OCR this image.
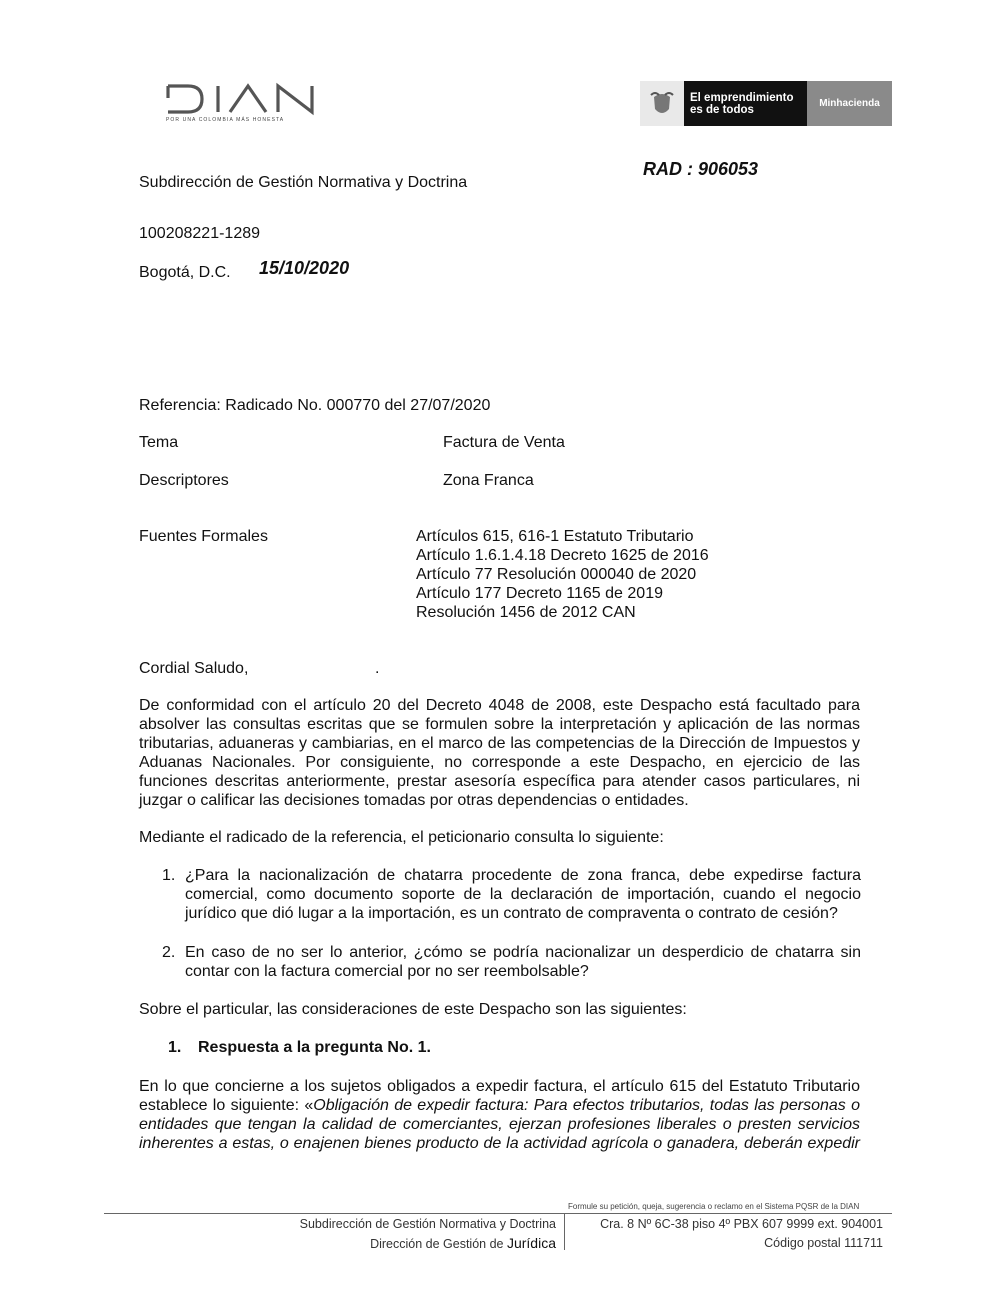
POR UNA COLOMBIA MÁS HONESTA
El emprendimiento
es de todos
Minhacienda
RAD : 906053
Subdirección de Gestión Normativa y Doctrina
100208221-1289
Bogotá, D.C. 15/10/2020
Referencia: Radicado No. 000770 del 27/07/2020
Tema	Factura de Venta
Descriptores	Zona Franca
Fuentes Formales	Artículos 615, 616-1 Estatuto Tributario
Artículo 1.6.1.4.18 Decreto 1625 de 2016
Artículo 77 Resolución 000040 de 2020
Artículo 177 Decreto 1165 de 2019
Resolución 1456 de 2012 CAN
Cordial Saludo,	.
De conformidad con el artículo 20 del Decreto 4048 de 2008, este Despacho está facultado para absolver las consultas escritas que se formulen sobre la interpretación y aplicación de las normas tributarias, aduaneras y cambiarias, en el marco de las competencias de la Dirección de Impuestos y Aduanas Nacionales. Por consiguiente, no corresponde a este Despacho, en ejercicio de las funciones descritas anteriormente, prestar asesoría específica para atender casos particulares, ni juzgar o calificar las decisiones tomadas por otras dependencias o entidades.
Mediante el radicado de la referencia, el peticionario consulta lo siguiente:
1. ¿Para la nacionalización de chatarra procedente de zona franca, debe expedirse factura comercial, como documento soporte de la declaración de importación, cuando el negocio jurídico que dió lugar a la importación, es un contrato de compraventa o contrato de cesión?
2. En caso de no ser lo anterior, ¿cómo se podría nacionalizar un desperdicio de chatarra sin contar con la factura comercial por no ser reembolsable?
Sobre el particular, las consideraciones de este Despacho son las siguientes:
1. Respuesta a la pregunta No. 1.
En lo que concierne a los sujetos obligados a expedir factura, el artículo 615 del Estatuto Tributario establece lo siguiente: «Obligación de expedir factura: Para efectos tributarios, todas las personas o entidades que tengan la calidad de comerciantes, ejerzan profesiones liberales o presten servicios inherentes a estas, o enajenen bienes producto de la actividad agrícola o ganadera, deberán expedir
Formule su petición, queja, sugerencia o reclamo en el Sistema PQSR de la DIAN
Subdirección de Gestión Normativa y Doctrina
Dirección de Gestión de Jurídica
Cra. 8 Nº 6C-38 piso 4º PBX 607 9999 ext. 904001
Código postal 111711
